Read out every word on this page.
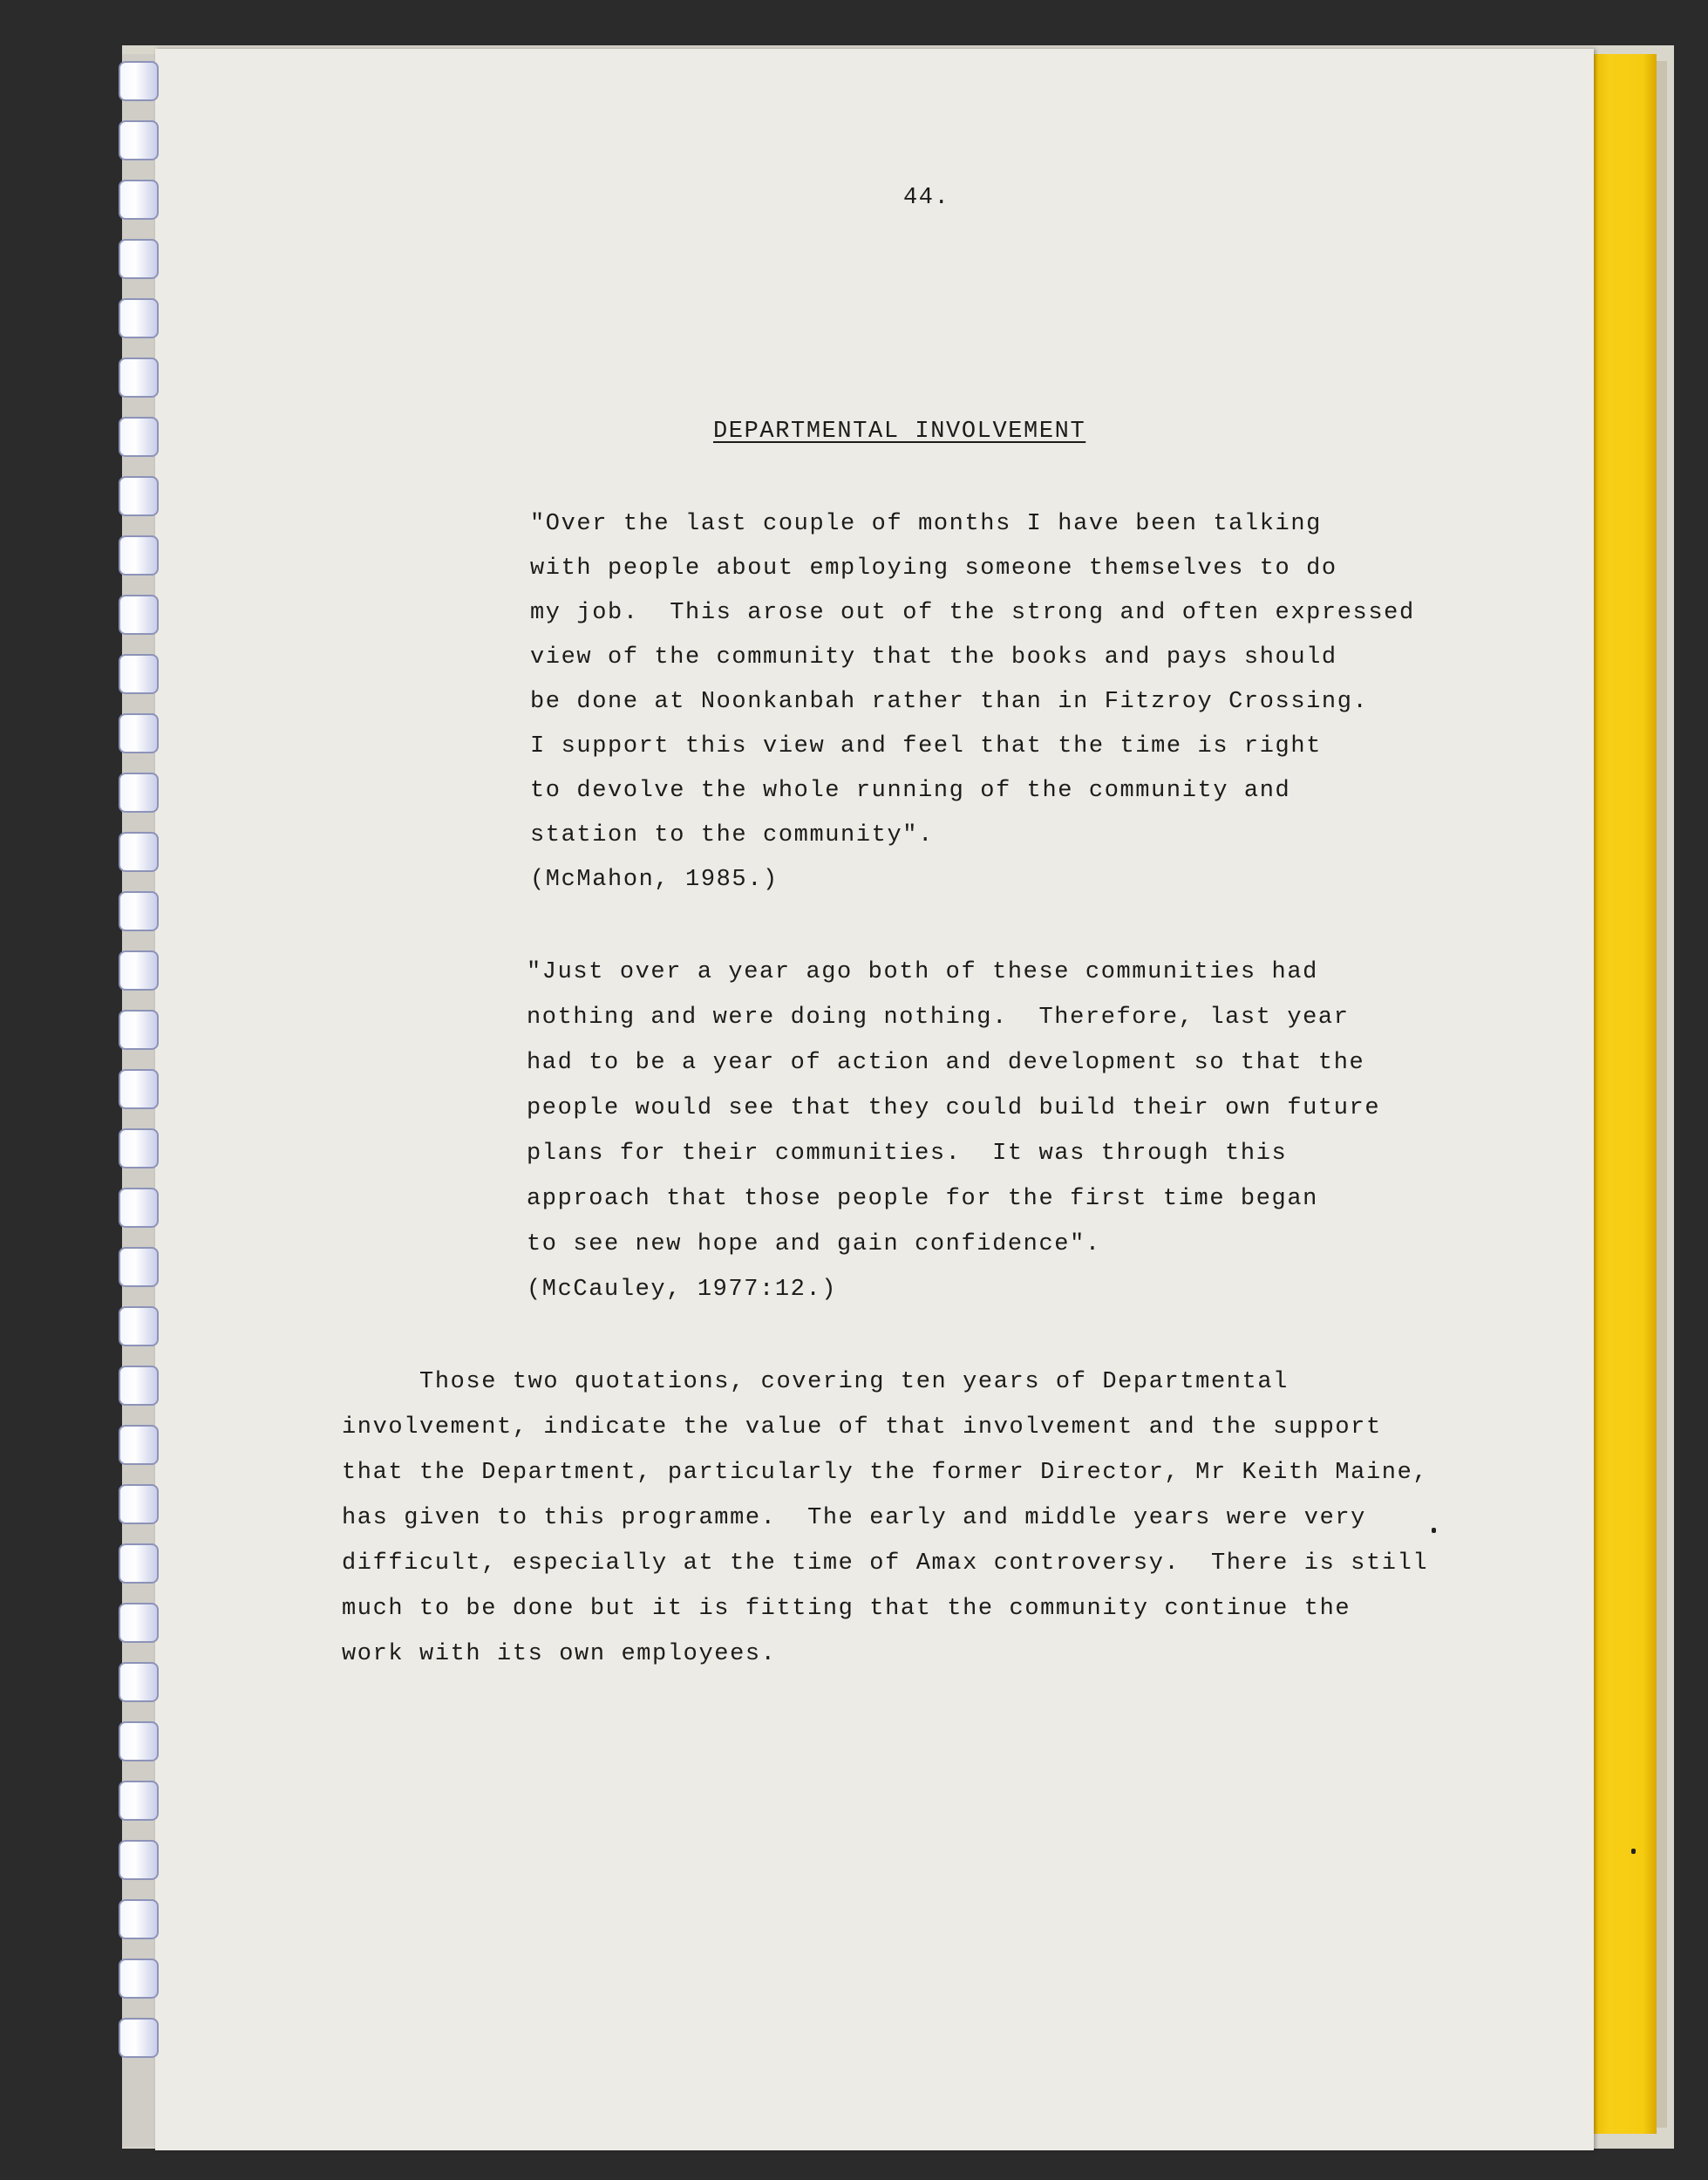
44.
DEPARTMENTAL INVOLVEMENT
"Over the last couple of months I have been talking
with people about employing someone themselves to do
my job.  This arose out of the strong and often expressed
view of the community that the books and pays should
be done at Noonkanbah rather than in Fitzroy Crossing.
I support this view and feel that the time is right
to devolve the whole running of the community and
station to the community".
(McMahon, 1985.)
"Just over a year ago both of these communities had
nothing and were doing nothing.  Therefore, last year
had to be a year of action and development so that the
people would see that they could build their own future
plans for their communities.  It was through this
approach that those people for the first time began
to see new hope and gain confidence".
(McCauley, 1977:12.)
Those two quotations, covering ten years of Departmental
involvement, indicate the value of that involvement and the support
that the Department, particularly the former Director, Mr Keith Maine,
has given to this programme.  The early and middle years were very
difficult, especially at the time of Amax controversy.  There is still
much to be done but it is fitting that the community continue the
work with its own employees.
